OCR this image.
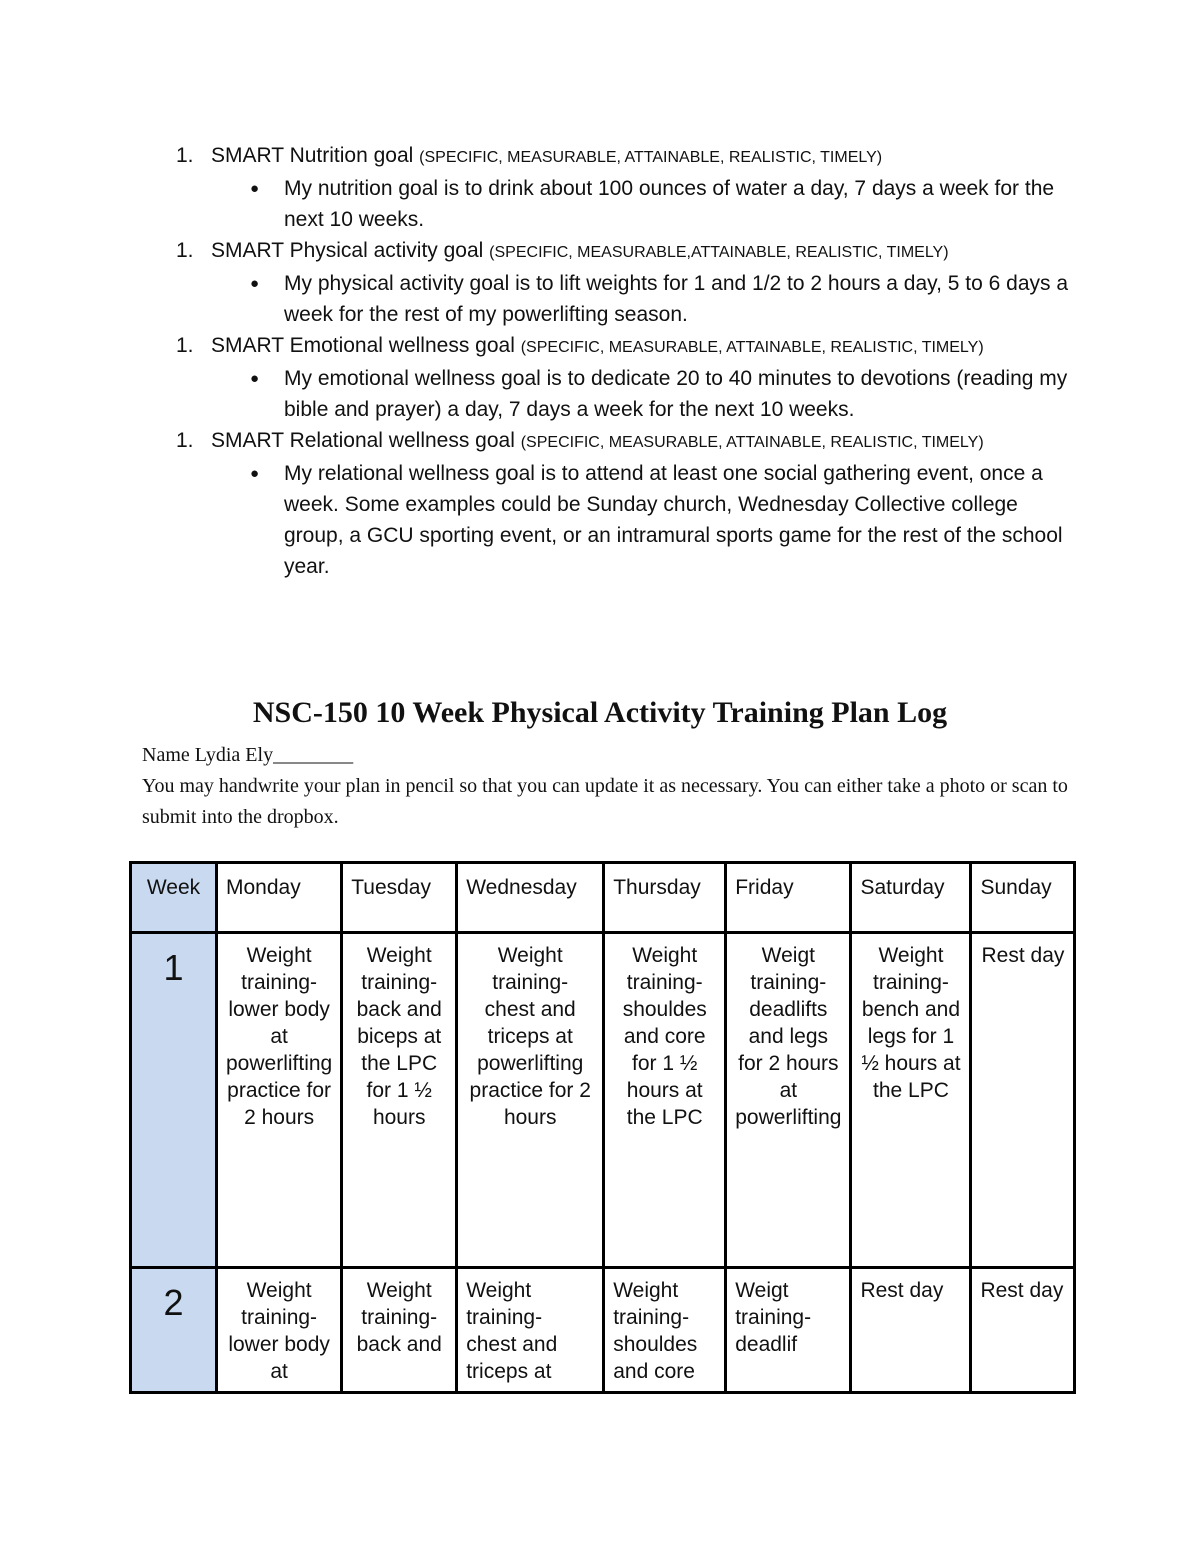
1. SMART Nutrition goal (SPECIFIC, MEASURABLE, ATTAINABLE, REALISTIC, TIMELY)
●	My nutrition goal is to drink about 100 ounces of water a day, 7 days a week for the next 10 weeks.
1. SMART Physical activity goal (SPECIFIC, MEASURABLE,ATTAINABLE, REALISTIC, TIMELY)
●	My physical activity goal is to lift weights for 1 and 1/2 to 2 hours a day, 5 to 6 days a week for the rest of my powerlifting season.
1. SMART Emotional wellness goal (SPECIFIC, MEASURABLE, ATTAINABLE, REALISTIC, TIMELY)
●	My emotional wellness goal is to dedicate 20 to 40 minutes to devotions (reading my bible and prayer) a day, 7 days a week for the next 10 weeks.
1. SMART Relational wellness goal (SPECIFIC, MEASURABLE, ATTAINABLE, REALISTIC, TIMELY)
●	My relational wellness goal is to attend at least one social gathering event, once a week. Some examples could be Sunday church, Wednesday Collective college group, a GCU sporting event, or an intramural sports game for the rest of the school year.
NSC-150 10 Week Physical Activity Training Plan Log
Name Lydia Ely________
You may handwrite your plan in pencil so that you can update it as necessary. You can either take a photo or scan to submit into the dropbox.
Week	Monday	Tuesday	Wednesday	Thursday	Friday	Saturday	Sunday

1	Weight training- lower body at powerlifting practice for 2 hours	Weight training- back and biceps at the LPC for 1 ½ hours	Weight training- chest and triceps at powerlifting practice for 2 hours	Weight training- shouldes and core for 1 ½ hours at the LPC	Weigt training- deadlifts and legs for 2 hours at powerlifting	Weight training- bench and legs for 1 ½ hours at the LPC	Rest day

2	Weight training- lower body at	Weight training- back and	Weight training- chest and triceps at	Weight training- shouldes and core	Weigt training- deadlif	Rest day	Rest day
